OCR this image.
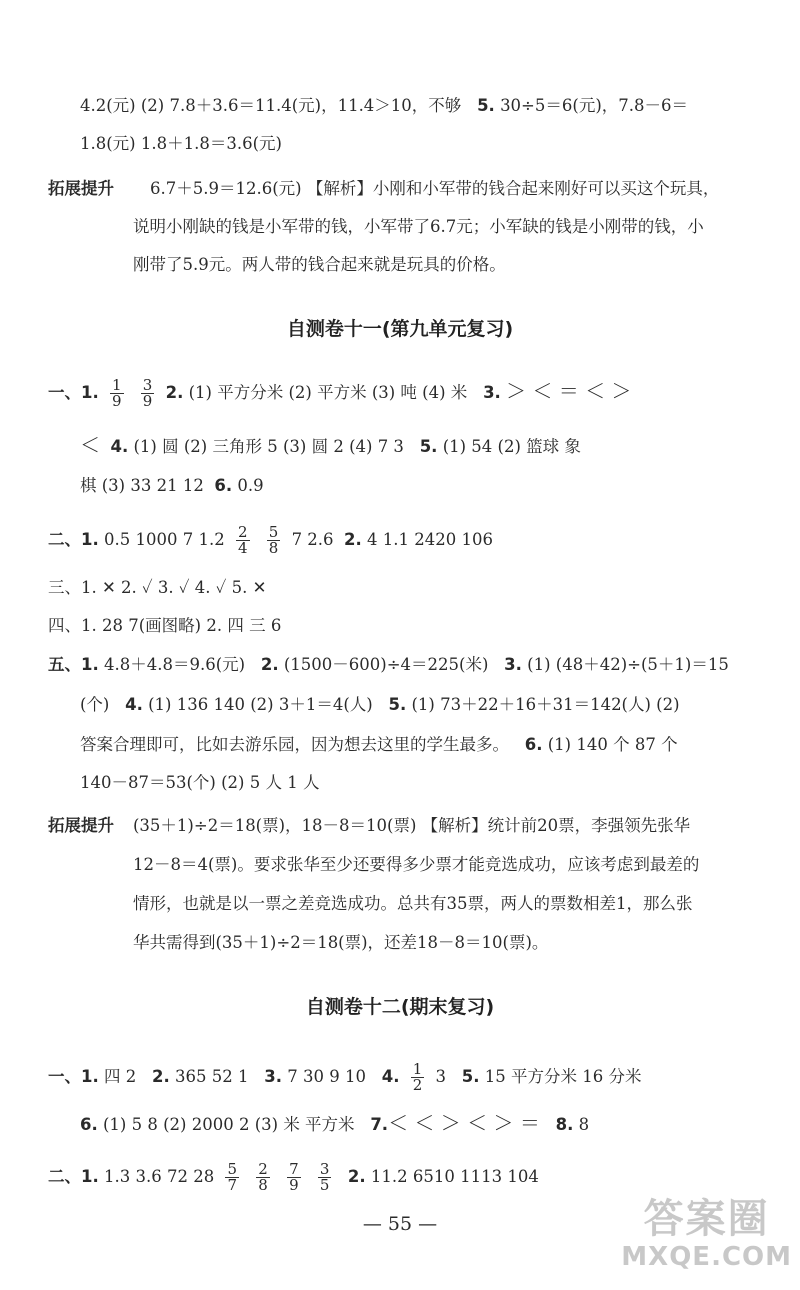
4.2(元) (2) 7.8＋3.6＝11.4(元)，11.4＞10，不够 5. 30÷5＝6(元)，7.8－6＝
1.8(元) 1.8＋1.8＝3.6(元)
拓展提升 6.7＋5.9＝12.6(元) 【解析】小刚和小军带的钱合起来刚好可以买这个玩具，
说明小刚缺的钱是小军带的钱，小军带了6.7元；小军缺的钱是小刚带的钱，小
刚带了5.9元。两人带的钱合起来就是玩具的价格。
自测卷十一(第九单元复习)
一、1. $\frac{1}{9}$
$\frac{3}{9} 2$. (1) 平方分米 (2) 平方米 (3) 吨 (4) 米 3. ＞ ＜ ＝ ＜ ＞
＜ 4. (1) 圆 (2) 三角形 5 (3) 圆 2 (4) 7 3 5. (1) 54 (2) 篮球 象
棋 (3) 33 21 12 6. 0.9
二、1. 0.5 1000 7 $1.2 \frac{2}{4}$
$\frac{5}{8} 7$ 2.6 2. 4 1.1 2420 106
三、1. ✕ 2. ✓ 3. ✓ 4. ✓ 5. ✕
四、1. 28 7(画图略) 2. 四 三 6
五、1. 4.8＋4.8＝9.6(元) 2. (1500－600)÷4＝225(米) 3. (1) (48＋42)÷(5＋1)＝15
(个) 4. (1) 136 140 (2) 3＋1＝4(人) 5. (1) 73＋22＋16＋31＝142(人) (2)
答案合理即可，比如去游乐园，因为想去这里的学生最多。 6. (1) 140 个 87 个
140－87＝53(个) (2) 5 人 1 人
拓展提升 (35＋1)÷2＝18(票)，18－8＝10(票) 【解析】统计前20票，李强领先张华
12－8＝4(票)。要求张华至少还要得多少票才能竞选成功，应该考虑到最差的
情形，也就是以一票之差竞选成功。总共有35票，两人的票数相差1，那么张
华共需得到(35＋1)÷2＝18(票)，还差18－8＝10(票)。
自测卷十二(期末复习)
一、1. 四 2 2. 365 52 1 3. 7 30 9 10 4. $\frac{1}{2} 3$ 5. 15 平方分米 16 分米
6. (1) 5 8 (2) 2000 2 (3) 米 平方米 7.＜ ＜ ＞ ＜ ＞ ＝ 8. 8
二、1. 1.3 3.6 72 $28 \frac{5}{7}$
$\frac{2}{8}$
$\frac{7}{9}$
$\frac{3}{5} 2$. 11.2 6510 1113 104
— 55 —	答案圈
MXQE.COM
